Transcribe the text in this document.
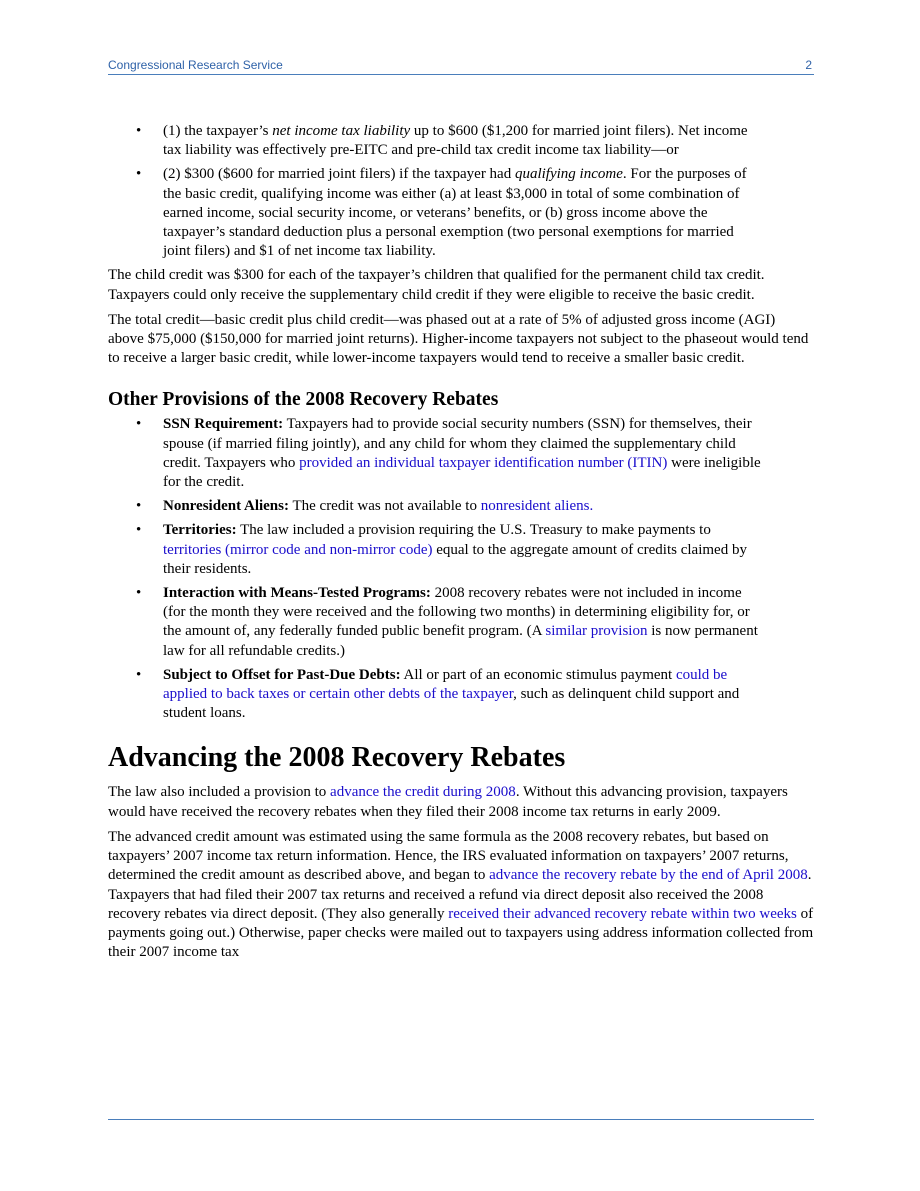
Congressional Research Service	2
• (1) the taxpayer’s net income tax liability up to $600 ($1,200 for married joint filers). Net income tax liability was effectively pre-EITC and pre-child tax credit income tax liability—or
• (2) $300 ($600 for married joint filers) if the taxpayer had qualifying income. For the purposes of the basic credit, qualifying income was either (a) at least $3,000 in total of some combination of earned income, social security income, or veterans’ benefits, or (b) gross income above the taxpayer’s standard deduction plus a personal exemption (two personal exemptions for married joint filers) and $1 of net income tax liability.

The child credit was $300 for each of the taxpayer’s children that qualified for the permanent child tax credit. Taxpayers could only receive the supplementary child credit if they were eligible to receive the basic credit.

The total credit—basic credit plus child credit—was phased out at a rate of 5% of adjusted gross income (AGI) above $75,000 ($150,000 for married joint returns). Higher-income taxpayers not subject to the phaseout would tend to receive a larger basic credit, while lower-income taxpayers would tend to receive a smaller basic credit.

Other Provisions of the 2008 Recovery Rebates
• SSN Requirement: Taxpayers had to provide social security numbers (SSN) for themselves, their spouse (if married filing jointly), and any child for whom they claimed the supplementary child credit. Taxpayers who provided an individual taxpayer identification number (ITIN) were ineligible for the credit.
• Nonresident Aliens: The credit was not available to nonresident aliens.
• Territories: The law included a provision requiring the U.S. Treasury to make payments to territories (mirror code and non-mirror code) equal to the aggregate amount of credits claimed by their residents.
• Interaction with Means-Tested Programs: 2008 recovery rebates were not included in income (for the month they were received and the following two months) in determining eligibility for, or the amount of, any federally funded public benefit program. (A similar provision is now permanent law for all refundable credits.)
• Subject to Offset for Past-Due Debts: All or part of an economic stimulus payment could be applied to back taxes or certain other debts of the taxpayer, such as delinquent child support and student loans.
Advancing the 2008 Recovery Rebates

The law also included a provision to advance the credit during 2008. Without this advancing provision, taxpayers would have received the recovery rebates when they filed their 2008 income tax returns in early 2009.

The advanced credit amount was estimated using the same formula as the 2008 recovery rebates, but based on taxpayers’ 2007 income tax return information. Hence, the IRS evaluated information on taxpayers’ 2007 returns, determined the credit amount as described above, and began to advance the recovery rebate by the end of April 2008. Taxpayers that had filed their 2007 tax returns and received a refund via direct deposit also received the 2008 recovery rebates via direct deposit. (They also generally received their advanced recovery rebate within two weeks of payments going out.) Otherwise, paper checks were mailed out to taxpayers using address information collected from their 2007 income tax
